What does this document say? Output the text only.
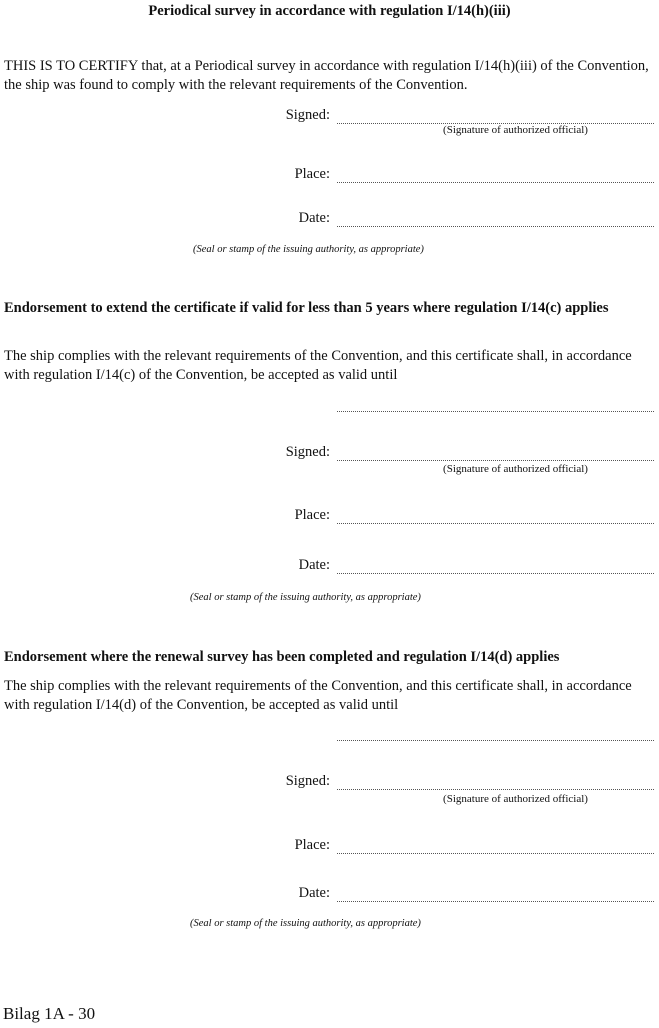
Periodical survey in accordance with regulation I/14(h)(iii)
THIS IS TO CERTIFY that, at a Periodical survey in accordance with regulation I/14(h)(iii) of the Convention, the ship was found to comply with the relevant requirements of the Convention.
Signed:
(Signature of authorized official)
Place:
Date:
(Seal or stamp of the issuing authority, as appropriate)
Endorsement to extend the certificate if valid for less than 5 years where regulation I/14(c) applies
The ship complies with the relevant requirements of the Convention, and this certificate shall, in accordance with regulation I/14(c) of the Convention, be accepted as valid until
Signed:
(Signature of authorized official)
Place:
Date:
(Seal or stamp of the issuing authority, as appropriate)
Endorsement where the renewal survey has been completed and regulation I/14(d) applies
The ship complies with the relevant requirements of the Convention, and this certificate shall, in accordance with regulation I/14(d) of the Convention, be accepted as valid until
Signed:
(Signature of authorized official)
Place:
Date:
(Seal or stamp of the issuing authority, as appropriate)
Bilag 1A - 30
